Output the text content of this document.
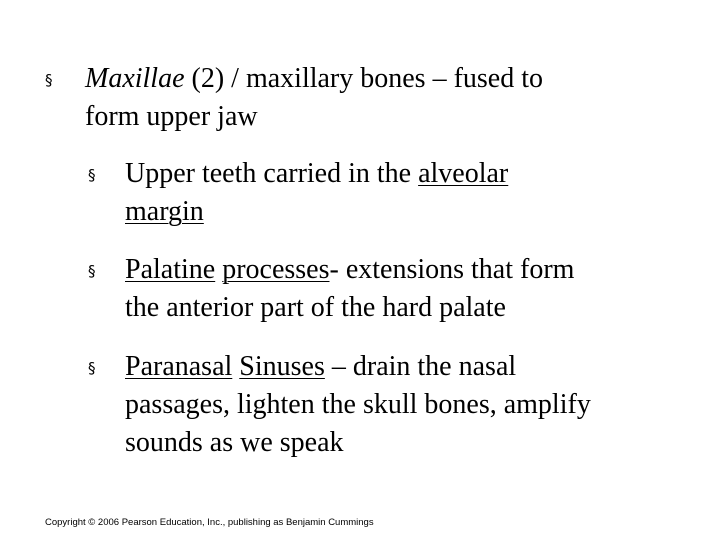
§ Maxillae (2) / maxillary bones – fused to
form upper jaw
§ Upper teeth carried in the alveolar
margin
§ Palatine processes- extensions that form
the anterior part of the hard palate
§ Paranasal Sinuses – drain the nasal
passages, lighten the skull bones, amplify
sounds as we speak
Copyright © 2006 Pearson Education, Inc., publishing as Benjamin Cummings
